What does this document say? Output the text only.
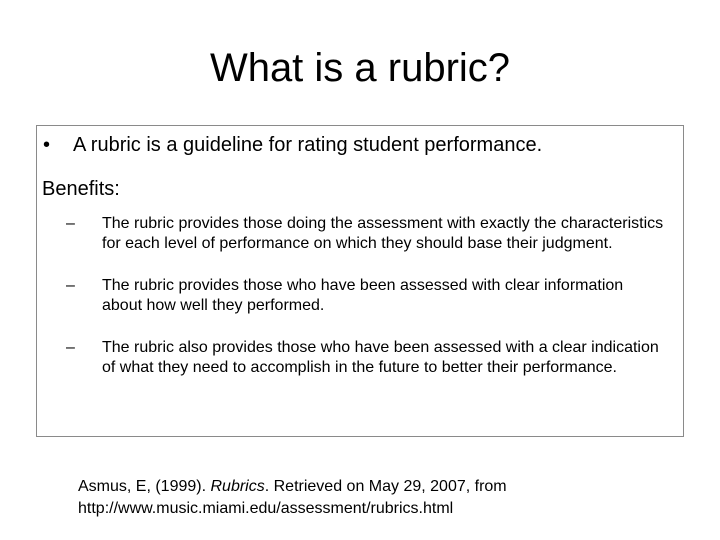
What is a rubric?
• A rubric is a guideline for rating student performance.
Benefits:
– The rubric provides those doing the assessment with exactly the characteristics for each level of performance on which they should base their judgment.
– The rubric provides those who have been assessed with clear information about how well they performed.
– The rubric also provides those who have been assessed with a clear indication of what they need to accomplish in the future to better their performance.
Asmus, E, (1999). Rubrics. Retrieved on May 29, 2007, from
http://www.music.miami.edu/assessment/rubrics.html
